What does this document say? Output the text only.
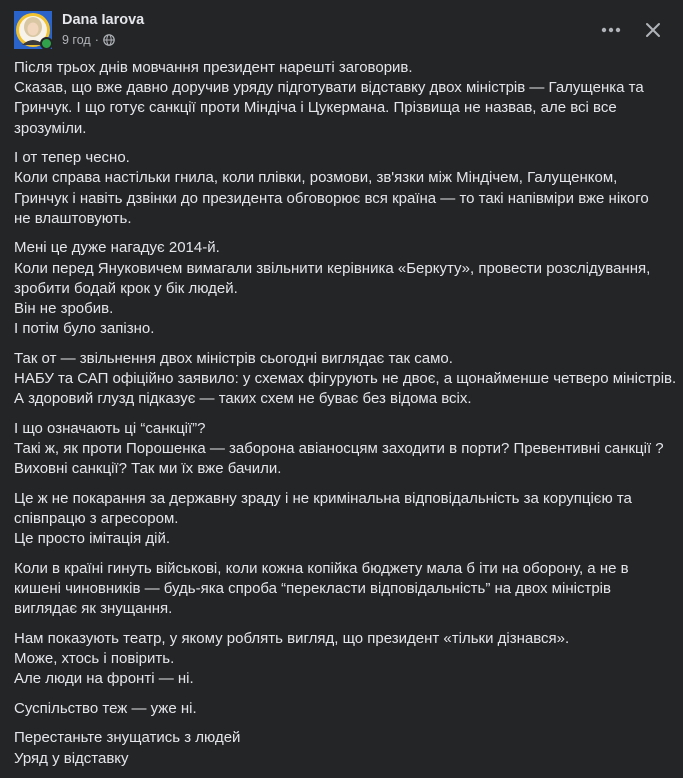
Dana Iarova
9 год ·
Після трьох днів мовчання президент нарешті заговорив.
Сказав, що вже давно доручив уряду підготувати відставку двох міністрів — Галущенка та
Гринчук. І що готує санкції проти Міндіча і Цукермана. Прізвища не назвав, але всі все
зрозуміли.
І от тепер чесно.
Коли справа настільки гнила, коли плівки, розмови, зв'язки між Міндічем, Галущенком,
Гринчук і навіть дзвінки до президента обговорює вся країна — то такі напівміри вже нікого
не влаштовують.
Мені це дуже нагадує 2014-й.
Коли перед Януковичем вимагали звільнити керівника «Беркуту», провести розслідування,
зробити бодай крок у бік людей.
Він не зробив.
І потім було запізно.
Так от — звільнення двох міністрів сьогодні виглядає так само.
НАБУ та САП офіційно заявило: у схемах фігурують не двоє, а щонайменше четверо міністрів.
А здоровий глузд підказує — таких схем не буває без відома всіх.
І що означають ці “санкції”?
Такі ж, як проти Порошенка — заборона авіаносцям заходити в порти? Превентивні санкції ?
Виховні санкції? Так ми їх вже бачили.
Це ж не покарання за державну зраду і не кримінальна відповідальність за корупцією та
співпрацю з агресором.
Це просто імітація дій.
Коли в країні гинуть військові, коли кожна копійка бюджету мала б іти на оборону, а не в
кишені чиновників — будь-яка спроба “перекласти відповідальність” на двох міністрів
виглядає як знущання.
Нам показують театр, у якому роблять вигляд, що президент «тільки дізнався».
Може, хтось і повірить.
Але люди на фронті — ні.
Суспільство теж — уже ні.
Перестаньте знущатись з людей
Уряд у відставку
